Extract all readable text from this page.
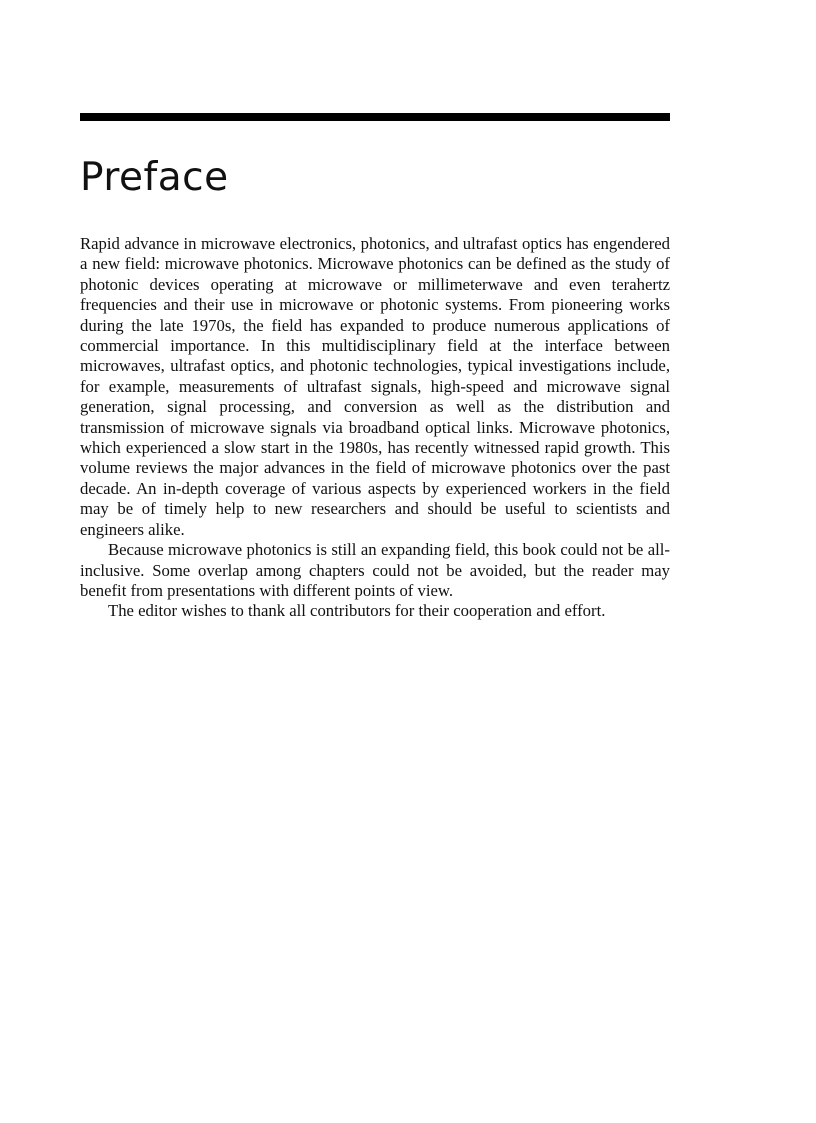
Preface

Rapid advance in microwave electronics, photonics, and ultrafast optics has engendered a new field: microwave photonics. Microwave photonics can be defined as the study of photonic devices operating at microwave or millimeterwave and even terahertz frequencies and their use in microwave or photonic systems. From pioneering works during the late 1970s, the field has expanded to produce numerous applications of commercial importance. In this multidisciplinary field at the interface between microwaves, ultrafast optics, and photonic technologies, typical investigations include, for example, measurements of ultrafast signals, high-speed and microwave signal generation, signal processing, and conversion as well as the distribution and transmission of microwave signals via broadband optical links. Microwave photonics, which experienced a slow start in the 1980s, has recently witnessed rapid growth. This volume reviews the major advances in the field of microwave photonics over the past decade. An in-depth coverage of various aspects by experienced workers in the field may be of timely help to new researchers and should be useful to scientists and engineers alike.

Because microwave photonics is still an expanding field, this book could not be all-inclusive. Some overlap among chapters could not be avoided, but the reader may benefit from presentations with different points of view.

The editor wishes to thank all contributors for their cooperation and effort.
